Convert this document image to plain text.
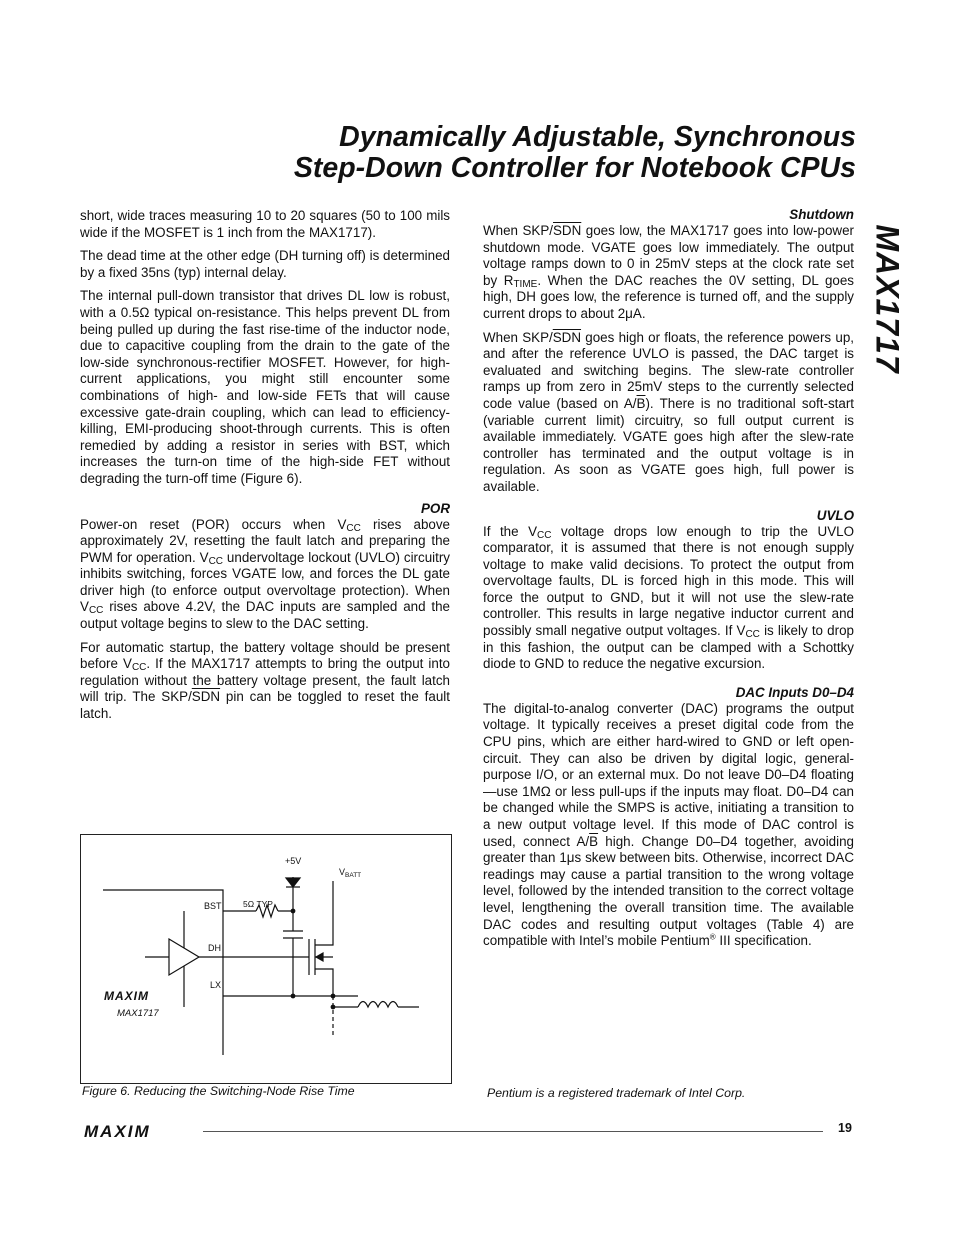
Dynamically Adjustable, Synchronous
Step-Down Controller for Notebook CPUs
MAX1717

short, wide traces measuring 10 to 20 squares (50 to 100 mils wide if the MOSFET is 1 inch from the MAX1717).

The dead time at the other edge (DH turning off) is determined by a fixed 35ns (typ) internal delay.

The internal pull-down transistor that drives DL low is robust, with a 0.5Ω typical on-resistance. This helps prevent DL from being pulled up during the fast rise-time of the inductor node, due to capacitive coupling from the drain to the gate of the low-side synchronous-rectifier MOSFET. However, for high-current applications, you might still encounter some combinations of high- and low-side FETs that will cause excessive gate-drain coupling, which can lead to efficiency-killing, EMI-producing shoot-through currents. This is often remedied by adding a resistor in series with BST, which increases the turn-on time of the high-side FET without degrading the turn-off time (Figure 6).

POR

Power-on reset (POR) occurs when $V_{CC}$ rises above approximately 2V, resetting the fault latch and preparing the PWM for operation. $V_{CC}$ undervoltage lockout (UVLO) circuitry inhibits switching, forces VGATE low, and forces the DL gate driver high (to enforce output overvoltage protection). When $V_{CC}$ rises above 4.2V, the DAC inputs are sampled and the output voltage begins to slew to the DAC setting.

For automatic startup, the battery voltage should be present before $V_{CC}$. If the MAX1717 attempts to bring the output into regulation without the battery voltage present, the fault latch will trip. The SKP/$\overline{SDN}$ pin can be toggled to reset the fault latch.

Shutdown

When SKP/$\overline{SDN}$ goes low, the MAX1717 goes into low-power shutdown mode. VGATE goes low immediately. The output voltage ramps down to 0 in 25mV steps at the clock rate set by $R_{TIME}$. When the DAC reaches the 0V setting, DL goes high, DH goes low, the reference is turned off, and the supply current drops to about 2μA.

When SKP/$\overline{SDN}$ goes high or floats, the reference powers up, and after the reference UVLO is passed, the DAC target is evaluated and switching begins. The slew-rate controller ramps up from zero in 25mV steps to the currently selected code value (based on $A/\overline{B}$). There is no traditional soft-start (variable current limit) circuitry, so full output current is available immediately. VGATE goes high after the slew-rate controller has terminated and the output voltage is in regulation. As soon as VGATE goes high, full power is available.

UVLO

If the $V_{CC}$ voltage drops low enough to trip the UVLO comparator, it is assumed that there is not enough supply voltage to make valid decisions. To protect the output from overvoltage faults, DL is forced high in this mode. This will force the output to GND, but it will not use the slew-rate controller. This results in large negative inductor current and possibly small negative output voltages. If $V_{CC}$ is likely to drop in this fashion, the output can be clamped with a Schottky diode to GND to reduce the negative excursion.

DAC Inputs D0–D4

The digital-to-analog converter (DAC) programs the output voltage. It typically receives a preset digital code from the CPU pins, which are either hard-wired to GND or left open-circuit. They can also be driven by digital logic, general-purpose I/O, or an external mux. Do not leave D0–D4 floating—use 1MΩ or less pull-ups if the inputs may float. D0–D4 can be changed while the SMPS is active, initiating a transition to a new output voltage level. If this mode of DAC control is used, connect $A/\overline{B}$ high. Change D0–D4 together, avoiding greater than 1μs skew between bits. Otherwise, incorrect DAC readings may cause a partial transition to the wrong voltage level, followed by the intended transition to the correct voltage level, lengthening the overall transition time. The available DAC codes and resulting output voltages (Table 4) are compatible with Intel’s mobile Pentium® III specification.

+5V
$V_{BATT}$
BST
DH
LX
5Ω TYP
MAXIM
MAX1717
Figure 6. Reducing the Switching-Node Rise Time	Pentium is a registered trademark of Intel Corp.
MAXIM	19
